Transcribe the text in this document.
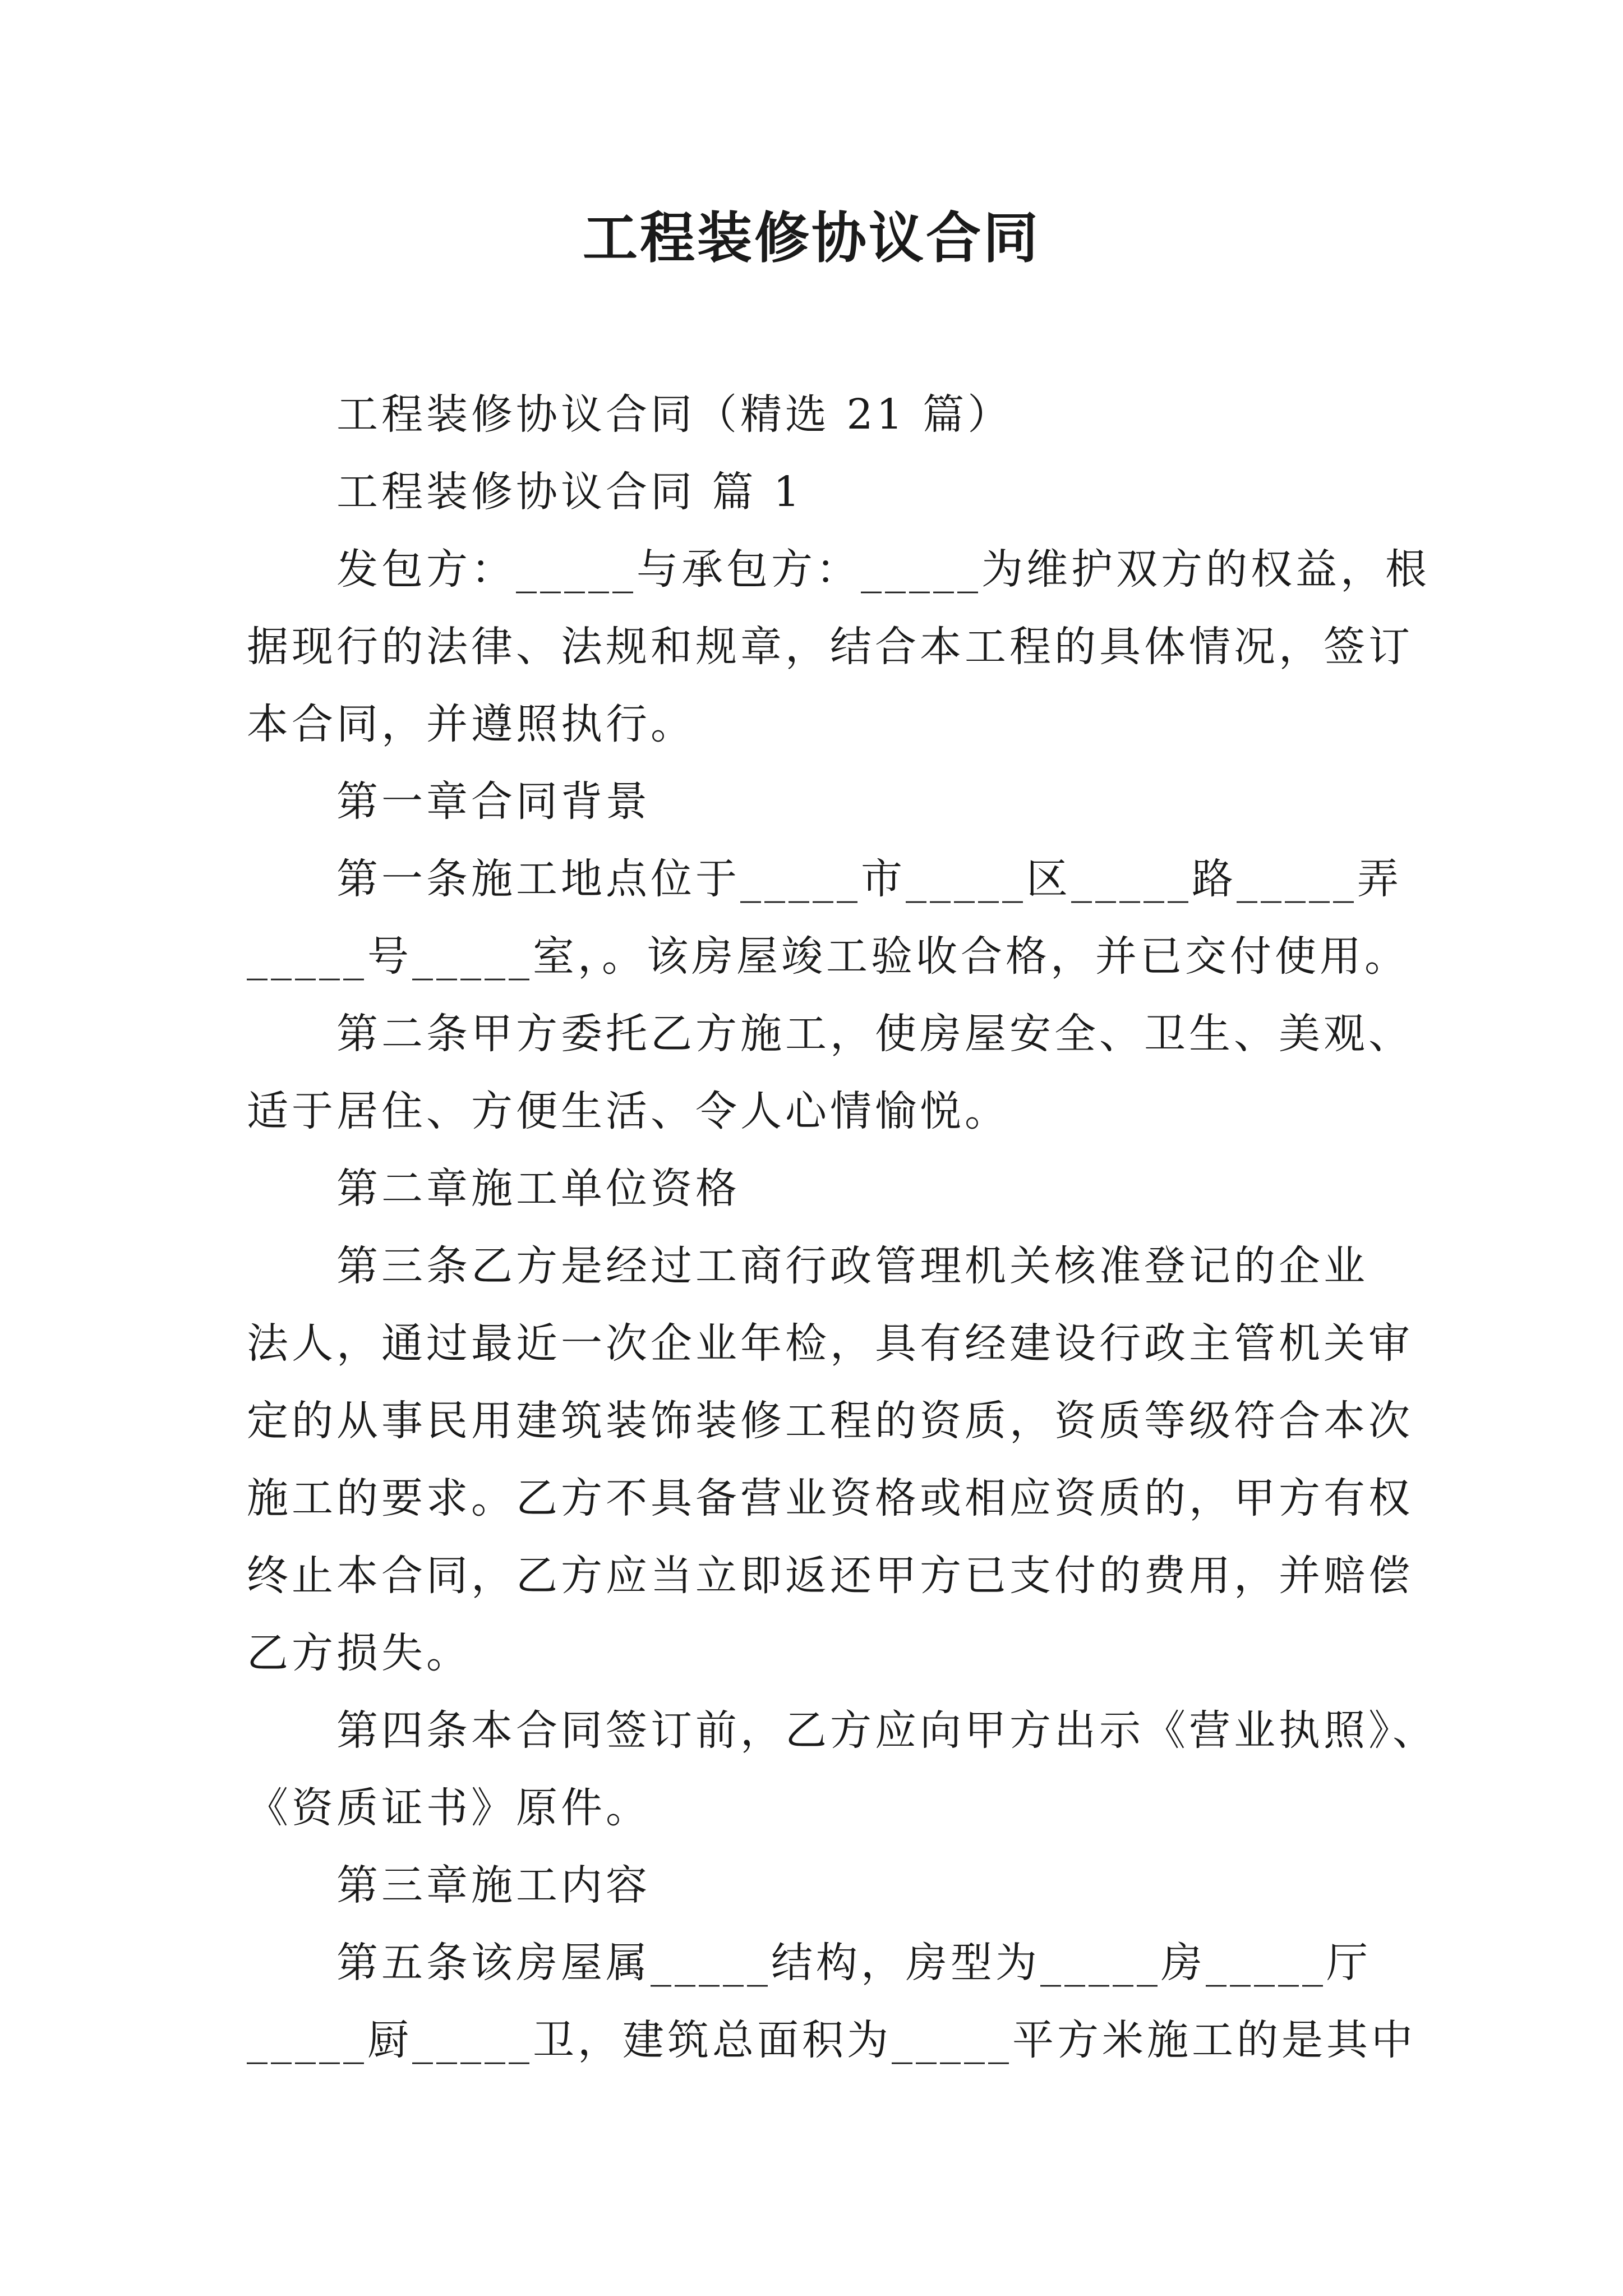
工程装修协议合同

工程装修协议合同（精选 21 篇）

工程装修协议合同 篇 1

发包方：_____与承包方：_____为维护双方的权益，根

据现行的法律、法规和规章，结合本工程的具体情况，签订

本合同，并遵照执行。

第一章合同背景

第一条施工地点位于_____市_____区_____路_____弄

_____号_____室，。该房屋竣工验收合格，并已交付使用。

第二条甲方委托乙方施工，使房屋安全、卫生、美观、

适于居住、方便生活、令人心情愉悦。

第二章施工单位资格

第三条乙方是经过工商行政管理机关核准登记的企业

法人，通过最近一次企业年检，具有经建设行政主管机关审

定的从事民用建筑装饰装修工程的资质，资质等级符合本次

施工的要求。乙方不具备营业资格或相应资质的，甲方有权

终止本合同，乙方应当立即返还甲方已支付的费用，并赔偿

乙方损失。

第四条本合同签订前，乙方应向甲方出示《营业执照》、

《资质证书》原件。

第三章施工内容

第五条该房屋属_____结构，房型为_____房_____厅

_____厨_____卫，建筑总面积为_____平方米施工的是其中
